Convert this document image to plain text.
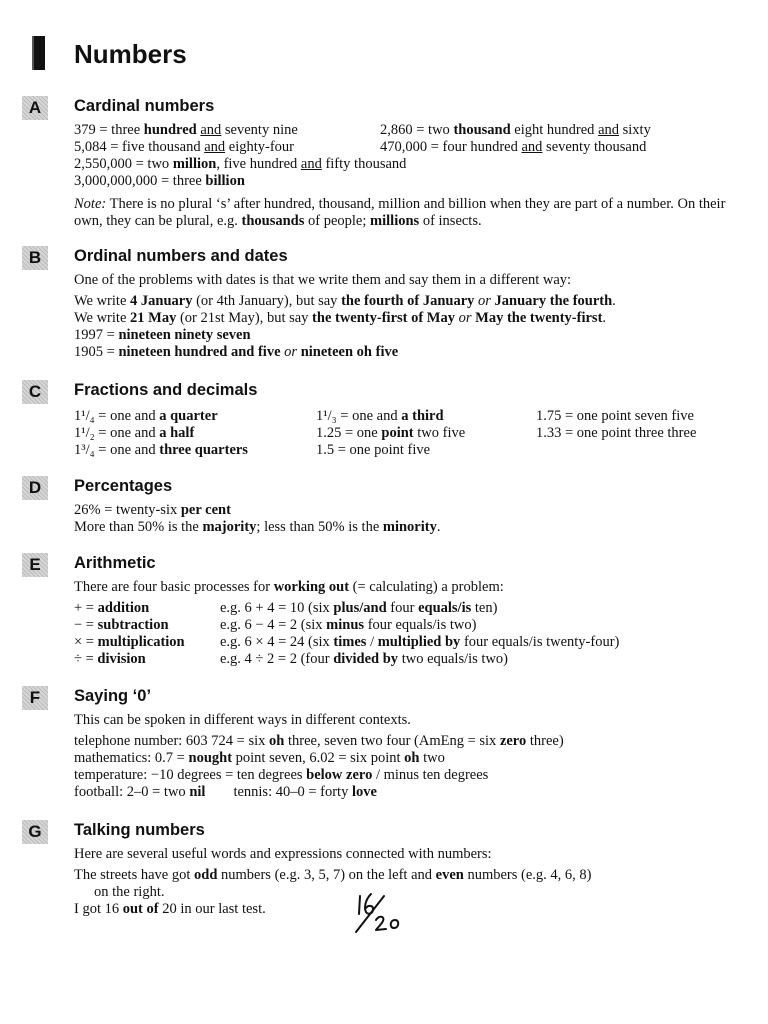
Numbers
A	Cardinal numbers
379 = three hundred and seventy nine	2,860 = two thousand eight hundred and sixty
5,084 = five thousand and eighty-four	470,000 = four hundred and seventy thousand
2,550,000 = two million, five hundred and fifty thousand
3,000,000,000 = three billion
Note: There is no plural ‘s’ after hundred, thousand, million and billion when they are part of a number. On their own, they can be plural, e.g. thousands of people; millions of insects.
B	Ordinal numbers and dates
One of the problems with dates is that we write them and say them in a different way:
We write 4 January (or 4th January), but say the fourth of January or January the fourth.
We write 21 May (or 21st May), but say the twenty-first of May or May the twenty-first.
1997 = nineteen ninety seven
1905 = nineteen hundred and five or nineteen oh five
C	Fractions and decimals
1¹/₄ = one and a quarter	1¹/₃ = one and a third	1.75 = one point seven five
1¹/₂ = one and a half	1.25 = one point two five	1.33 = one point three three
1³/₄ = one and three quarters	1.5 = one point five
D	Percentages
26% = twenty-six per cent
More than 50% is the majority; less than 50% is the minority.
E	Arithmetic
There are four basic processes for working out (= calculating) a problem:
+ = addition	e.g. 6 + 4 = 10 (six plus/and four equals/is ten)
− = subtraction	e.g. 6 − 4 = 2 (six minus four equals/is two)
× = multiplication	e.g. 6 × 4 = 24 (six times / multiplied by four equals/is twenty-four)
÷ = division	e.g. 4 ÷ 2 = 2 (four divided by two equals/is two)
F	Saying ‘0’
This can be spoken in different ways in different contexts.
telephone number: 603 724 = six oh three, seven two four (AmEng = six zero three)
mathematics: 0.7 = nought point seven, 6.02 = six point oh two
temperature: −10 degrees = ten degrees below zero / minus ten degrees
football: 2–0 = two nil tennis: 40–0 = forty love
G	Talking numbers
Here are several useful words and expressions connected with numbers:
The streets have got odd numbers (e.g. 3, 5, 7) on the left and even numbers (e.g. 4, 6, 8)
on the right.
I got 16 out of 20 in our last test.
